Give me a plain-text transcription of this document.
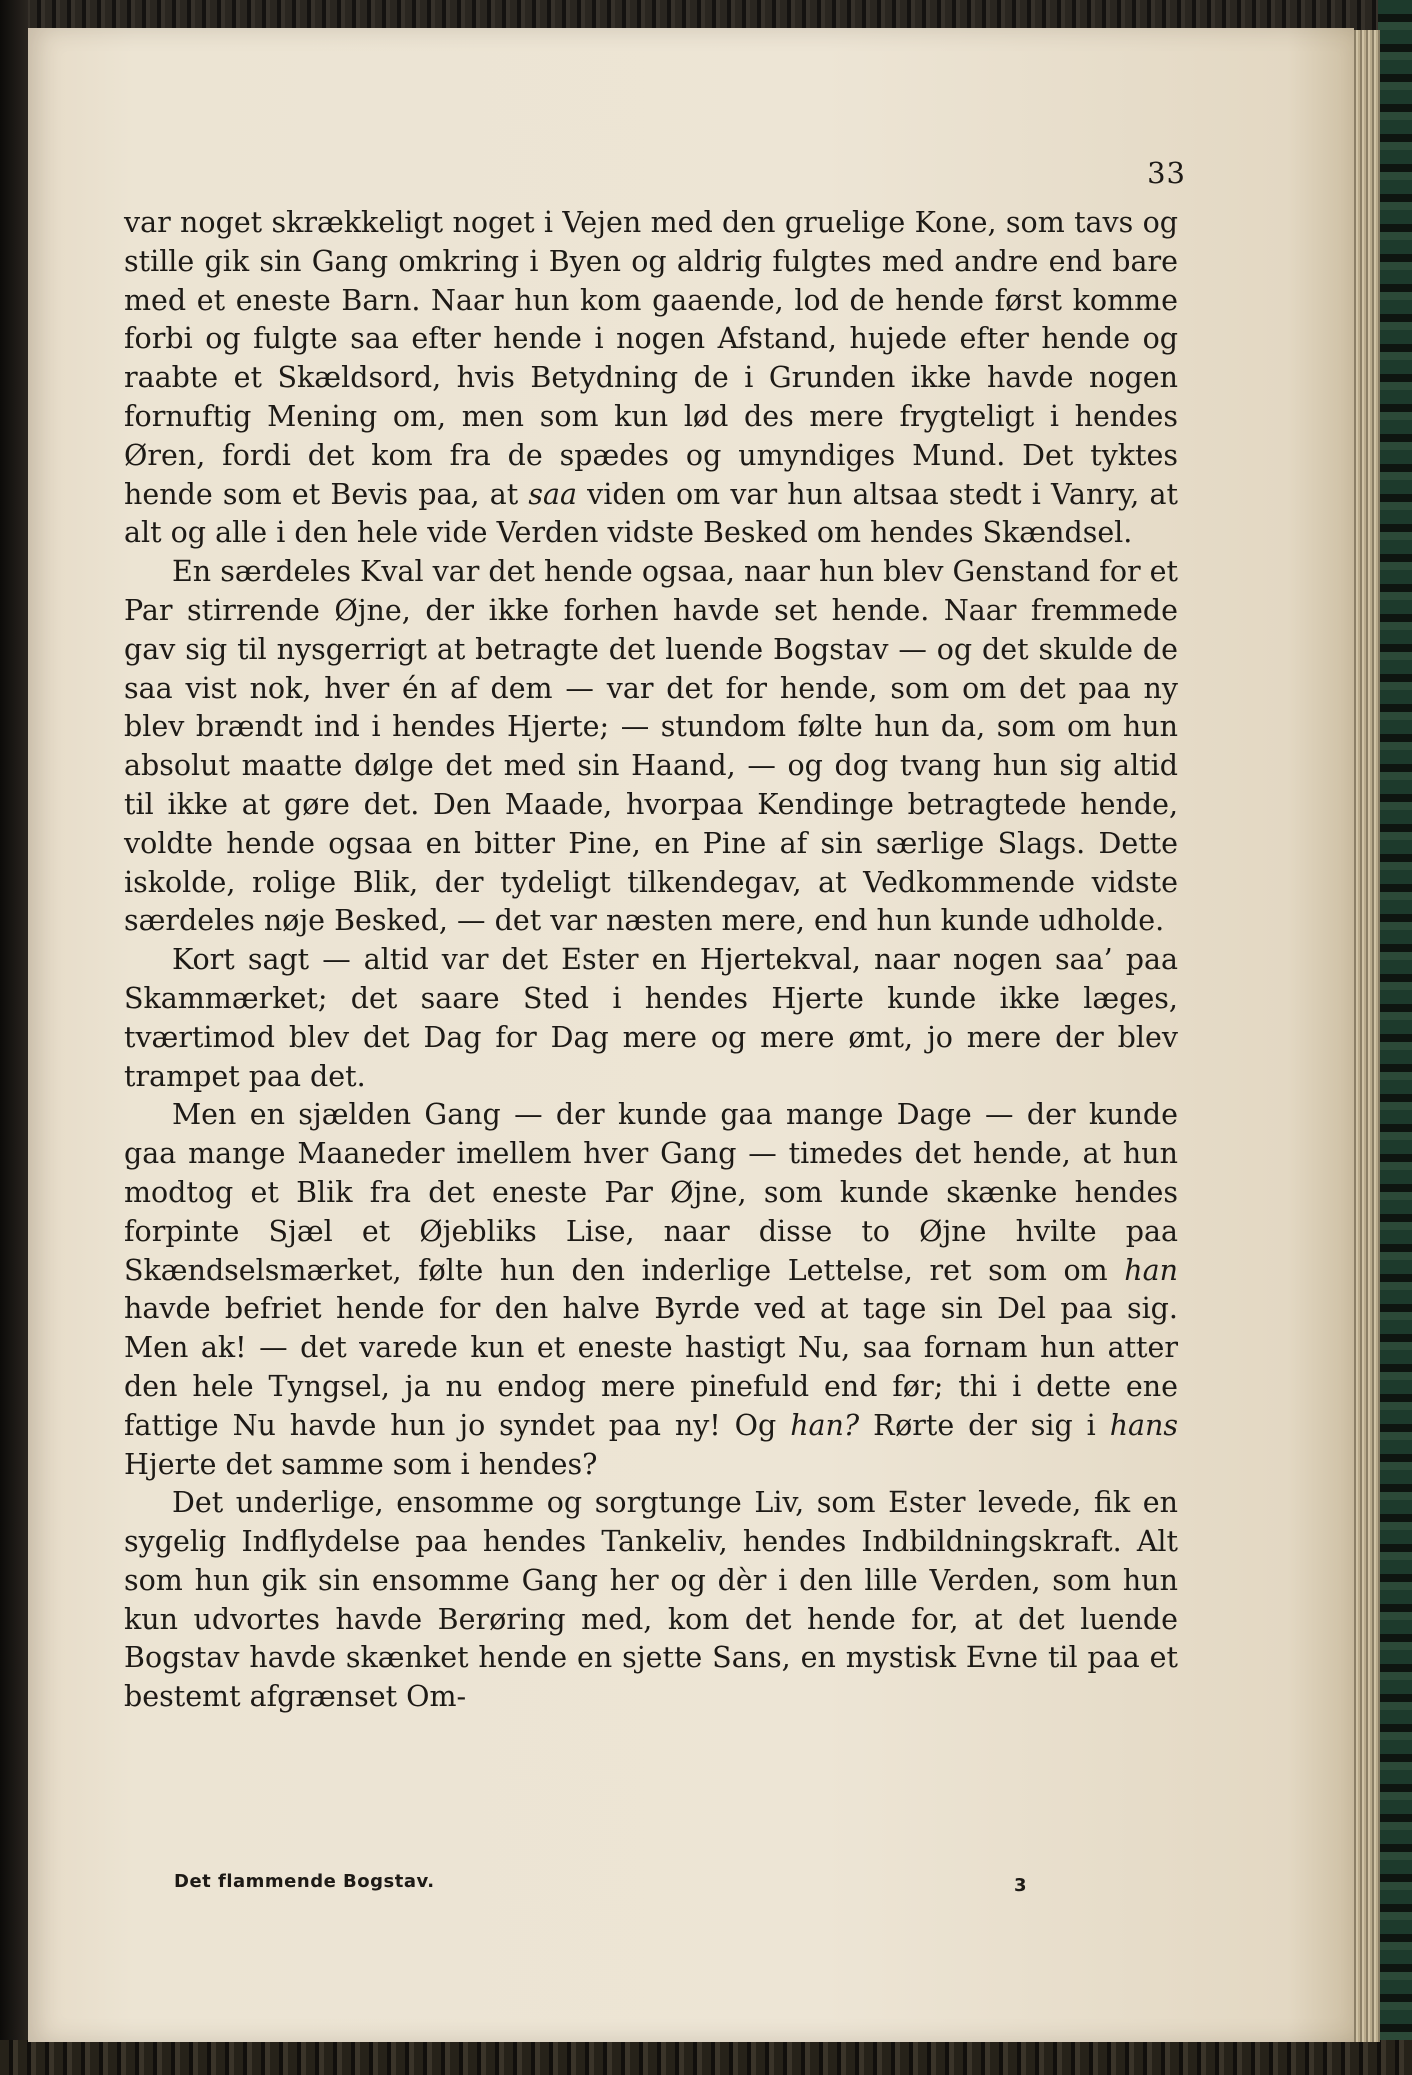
33

var noget skrækkeligt noget i Vejen med den gruelige Kone, som tavs og stille gik sin Gang omkring i Byen og aldrig fulgtes med andre end bare med et eneste Barn. Naar hun kom gaaende, lod de hende først komme forbi og fulgte saa efter hende i nogen Afstand, hujede efter hende og raabte et Skældsord, hvis Betydning de i Grunden ikke havde nogen fornuftig Mening om, men som kun lød des mere frygteligt i hendes Øren, fordi det kom fra de spædes og umyndiges Mund. Det tyktes hende som et Bevis paa, at saa viden om var hun altsaa stedt i Vanry, at alt og alle i den hele vide Verden vidste Besked om hendes Skændsel.

En særdeles Kval var det hende ogsaa, naar hun blev Genstand for et Par stirrende Øjne, der ikke forhen havde set hende. Naar fremmede gav sig til nysgerrigt at betragte det luende Bogstav — og det skulde de saa vist nok, hver én af dem — var det for hende, som om det paa ny blev brændt ind i hendes Hjerte; — stundom følte hun da, som om hun absolut maatte dølge det med sin Haand, — og dog tvang hun sig altid til ikke at gøre det. Den Maade, hvorpaa Kendinge betragtede hende, voldte hende ogsaa en bitter Pine, en Pine af sin særlige Slags. Dette iskolde, rolige Blik, der tydeligt tilkendegav, at Vedkommende vidste særdeles nøje Besked, — det var næsten mere, end hun kunde udholde.

Kort sagt — altid var det Ester en Hjertekval, naar nogen saa’ paa Skammærket; det saare Sted i hendes Hjerte kunde ikke læges, tværtimod blev det Dag for Dag mere og mere ømt, jo mere der blev trampet paa det.

Men en sjælden Gang — der kunde gaa mange Dage — der kunde gaa mange Maaneder imellem hver Gang — timedes det hende, at hun modtog et Blik fra det eneste Par Øjne, som kunde skænke hendes forpinte Sjæl et Øjebliks Lise, naar disse to Øjne hvilte paa Skændselsmærket, følte hun den inderlige Lettelse, ret som om han havde befriet hende for den halve Byrde ved at tage sin Del paa sig. Men ak! — det varede kun et eneste hastigt Nu, saa fornam hun atter den hele Tyngsel, ja nu endog mere pinefuld end før; thi i dette ene fattige Nu havde hun jo syndet paa ny! Og han? Rørte der sig i hans Hjerte det samme som i hendes?

Det underlige, ensomme og sorgtunge Liv, som Ester levede, fik en sygelig Indflydelse paa hendes Tankeliv, hendes Indbildningskraft. Alt som hun gik sin ensomme Gang her og dèr i den lille Verden, som hun kun udvortes havde Berøring med, kom det hende for, at det luende Bogstav havde skænket hende en sjette Sans, en mystisk Evne til paa et bestemt afgrænset Om-

Det flammende Bogstav.	3
